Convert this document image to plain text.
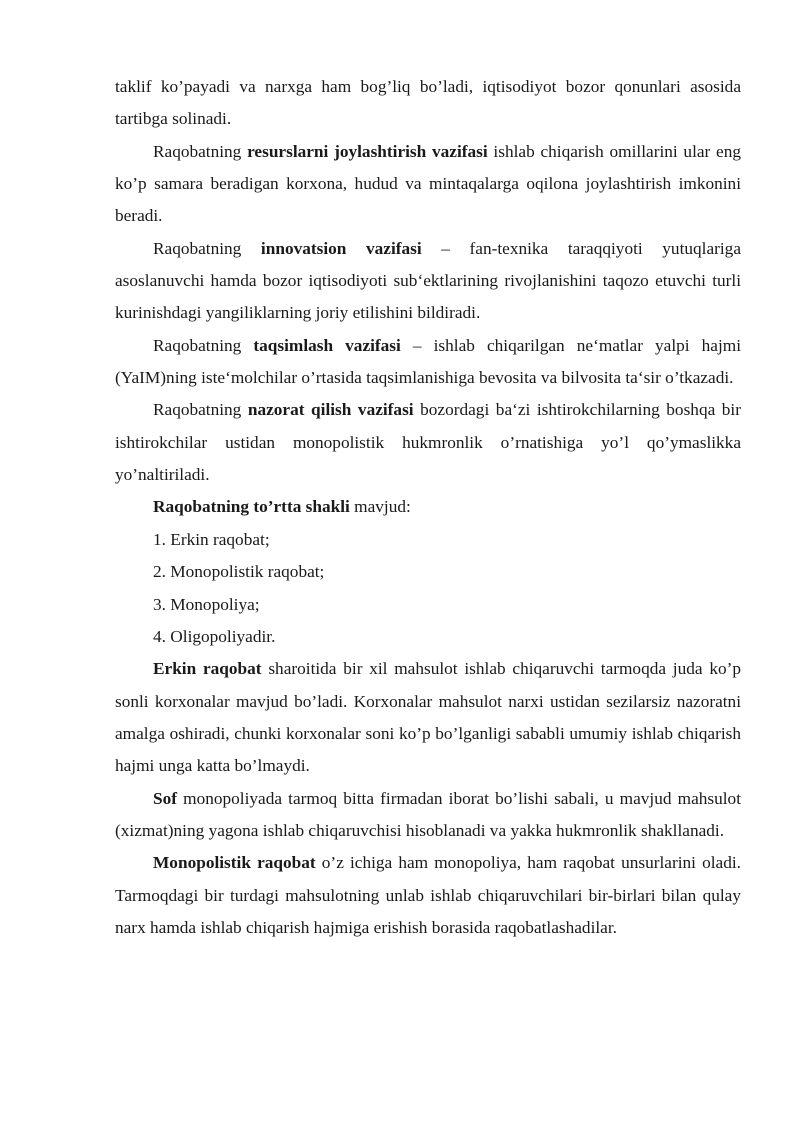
taklif ko’payadi va narxga ham bog’liq bo’ladi, iqtisodiyot bozor qonunlari asosida tartibga solinadi.

Raqobatning resurslarni joylashtirish vazifasi ishlab chiqarish omillarini ular eng ko’p samara beradigan korxona, hudud va mintaqalarga oqilona joylashtirish imkonini beradi.

Raqobatning innovatsion vazifasi – fan-texnika taraqqiyoti yutuqlariga asoslanuvchi hamda bozor iqtisodiyoti sub‘ektlarining rivojlanishini taqozo etuvchi turli kurinishdagi yangiliklarning joriy etilishini bildiradi.

Raqobatning taqsimlash vazifasi – ishlab chiqarilgan ne‘matlar yalpi hajmi (YaIM)ning iste‘molchilar o’rtasida taqsimlanishiga bevosita va bilvosita ta‘sir o’tkazadi.

Raqobatning nazorat qilish vazifasi bozordagi ba‘zi ishtirokchilarning boshqa bir ishtirokchilar ustidan monopolistik hukmronlik o’rnatishiga yo’l qo’ymaslikka yo’naltiriladi.

Raqobatning to’rtta shakli mavjud:

1. Erkin raqobat;

2. Monopolistik raqobat;

3. Monopoliya;

4. Oligopoliyadir.

Erkin raqobat sharoitida bir xil mahsulot ishlab chiqaruvchi tarmoqda juda ko’p sonli korxonalar mavjud bo’ladi. Korxonalar mahsulot narxi ustidan sezilarsiz nazoratni amalga oshiradi, chunki korxonalar soni ko’p bo’lganligi sababli umumiy ishlab chiqarish hajmi unga katta bo’lmaydi.

Sof monopoliyada tarmoq bitta firmadan iborat bo’lishi sabali, u mavjud mahsulot (xizmat)ning yagona ishlab chiqaruvchisi hisoblanadi va yakka hukmronlik shakllanadi.

Monopolistik raqobat o’z ichiga ham monopoliya, ham raqobat unsurlarini oladi. Tarmoqdagi bir turdagi mahsulotning unlab ishlab chiqaruvchilari bir-birlari bilan qulay narx hamda ishlab chiqarish hajmiga erishish borasida raqobatlashadilar.
